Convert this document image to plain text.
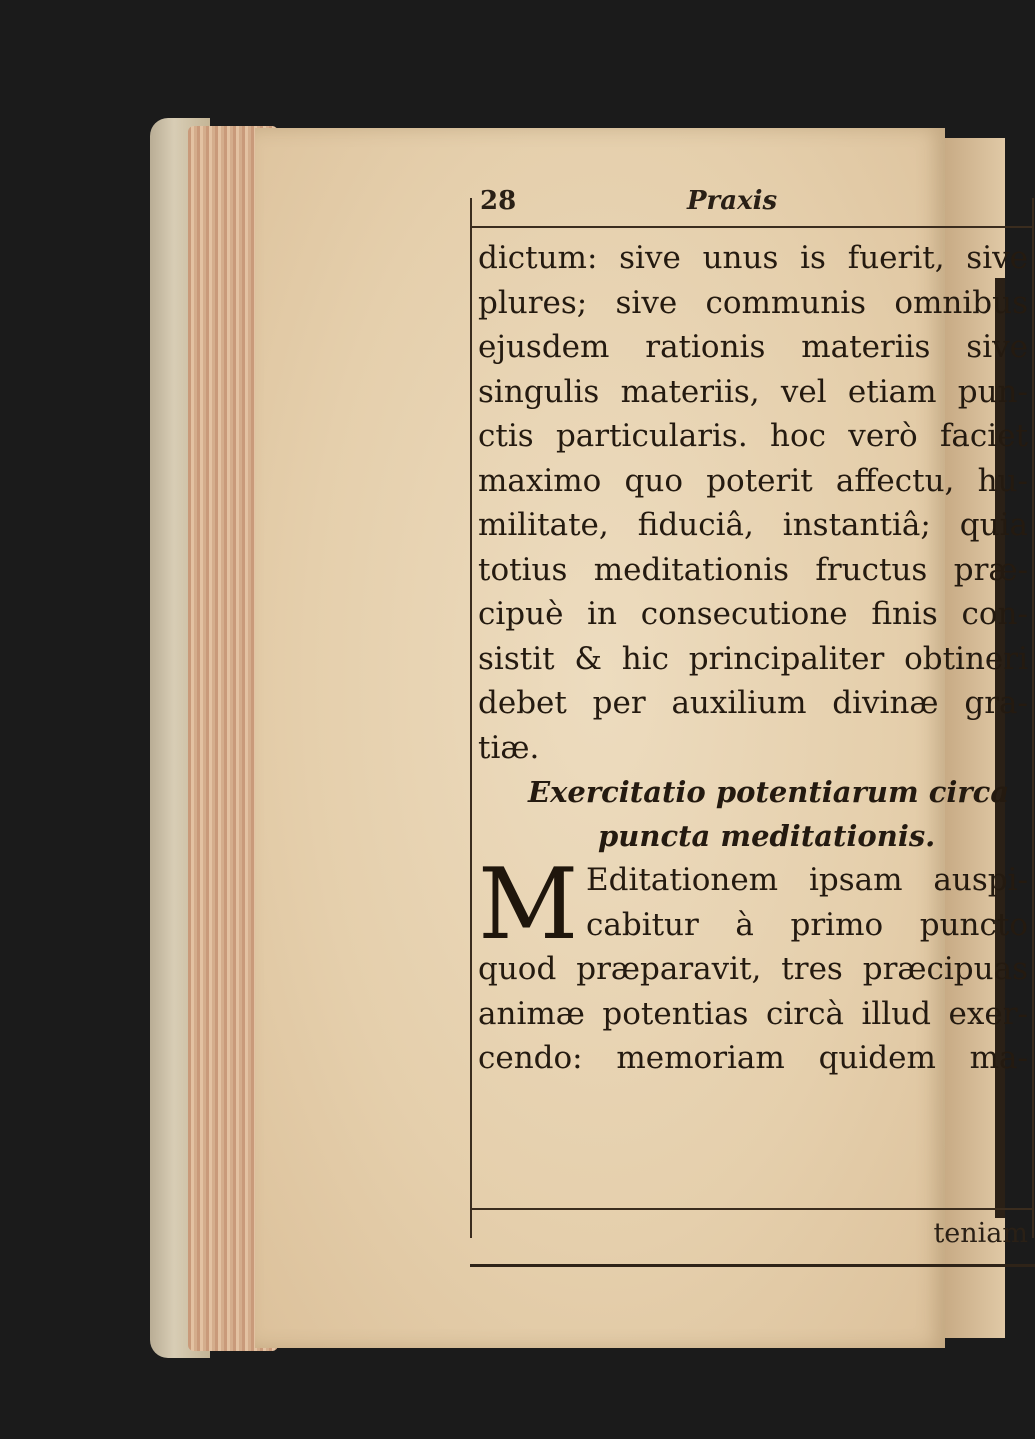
28	Praxis
dictum: sive unus is fuerit, sive
plures; sive communis omnibus
ejusdem rationis materiis sive
singulis materiis, vel etiam pun-
ctis particularis. hoc verò faciet
maximo quo poterit affectu, hu-
militate, fiduciâ, instantiâ; quia
totius meditationis fructus præ-
cipuè in consecutione finis con-
sistit & hic principaliter obtineri
debet per auxilium divinæ gra-
tiæ.
Exercitatio potentiarum circa
puncta meditationis.
M Editationem ipsam auspi-
cabitur à primo puncto
quod præparavit, tres præcipuas
animæ potentias circà illud exer-
cendo: memoriam quidem ma-
teniam
